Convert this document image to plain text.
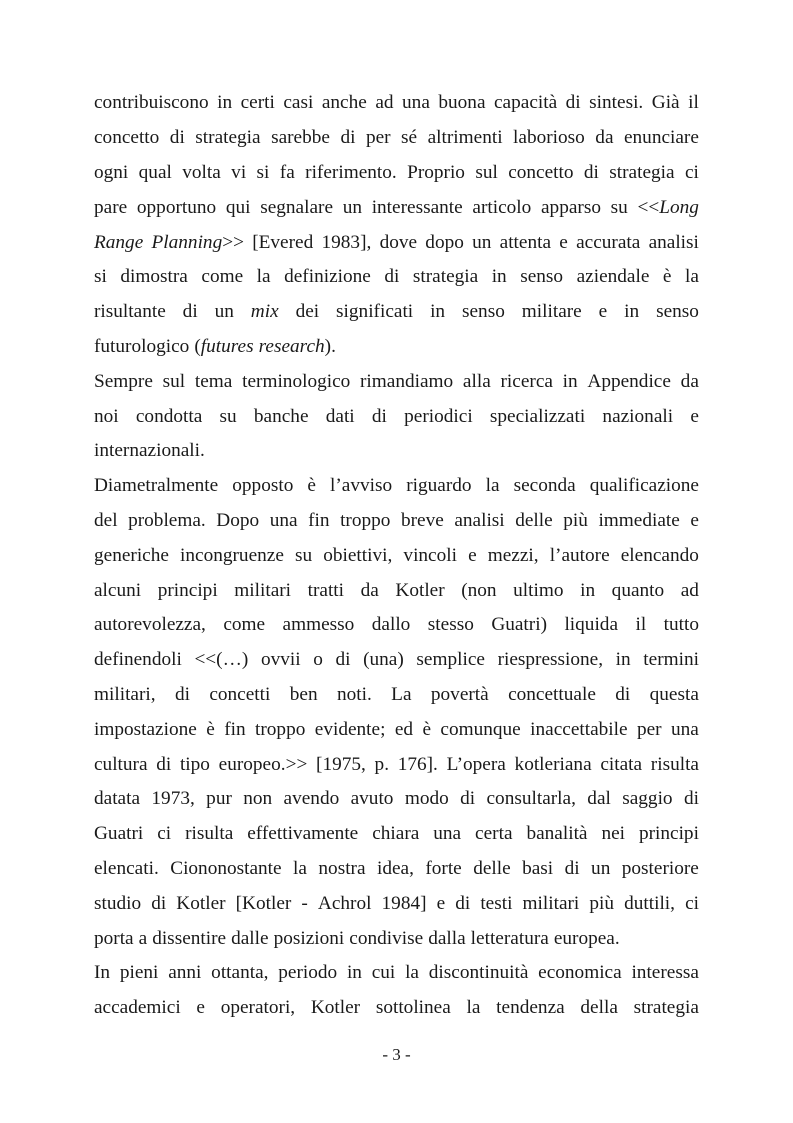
contribuiscono in certi casi anche ad una buona capacità di sintesi. Già il
concetto di strategia sarebbe di per sé altrimenti laborioso da enunciare
ogni qual volta vi si fa riferimento. Proprio sul concetto di strategia ci
pare opportuno qui segnalare un interessante articolo apparso su <<Long
Range Planning>> [Evered 1983], dove dopo un attenta e accurata analisi
si dimostra come la definizione di strategia in senso aziendale è la
risultante di un mix dei significati in senso militare e in senso
futurologico (futures research).
Sempre sul tema terminologico rimandiamo alla ricerca in Appendice da
noi condotta su banche dati di periodici specializzati nazionali e
internazionali.
Diametralmente opposto è l’avviso riguardo la seconda qualificazione
del problema. Dopo una fin troppo breve analisi delle più immediate e
generiche incongruenze su obiettivi, vincoli e mezzi, l’autore elencando
alcuni principi militari tratti da Kotler (non ultimo in quanto ad
autorevolezza, come ammesso dallo stesso Guatri) liquida il tutto
definendoli <<(…) ovvii o di (una) semplice riespressione, in termini
militari, di concetti ben noti. La povertà concettuale di questa
impostazione è fin troppo evidente; ed è comunque inaccettabile per una
cultura di tipo europeo.>> [1975, p. 176]. L’opera kotleriana citata risulta
datata 1973, pur non avendo avuto modo di consultarla, dal saggio di
Guatri ci risulta effettivamente chiara una certa banalità nei principi
elencati. Ciononostante la nostra idea, forte delle basi di un posteriore
studio di Kotler [Kotler - Achrol 1984] e di testi militari più duttili, ci
porta a dissentire dalle posizioni condivise dalla letteratura europea.
In pieni anni ottanta, periodo in cui la discontinuità economica interessa
accademici e operatori, Kotler sottolinea la tendenza della strategia
- 3 -
